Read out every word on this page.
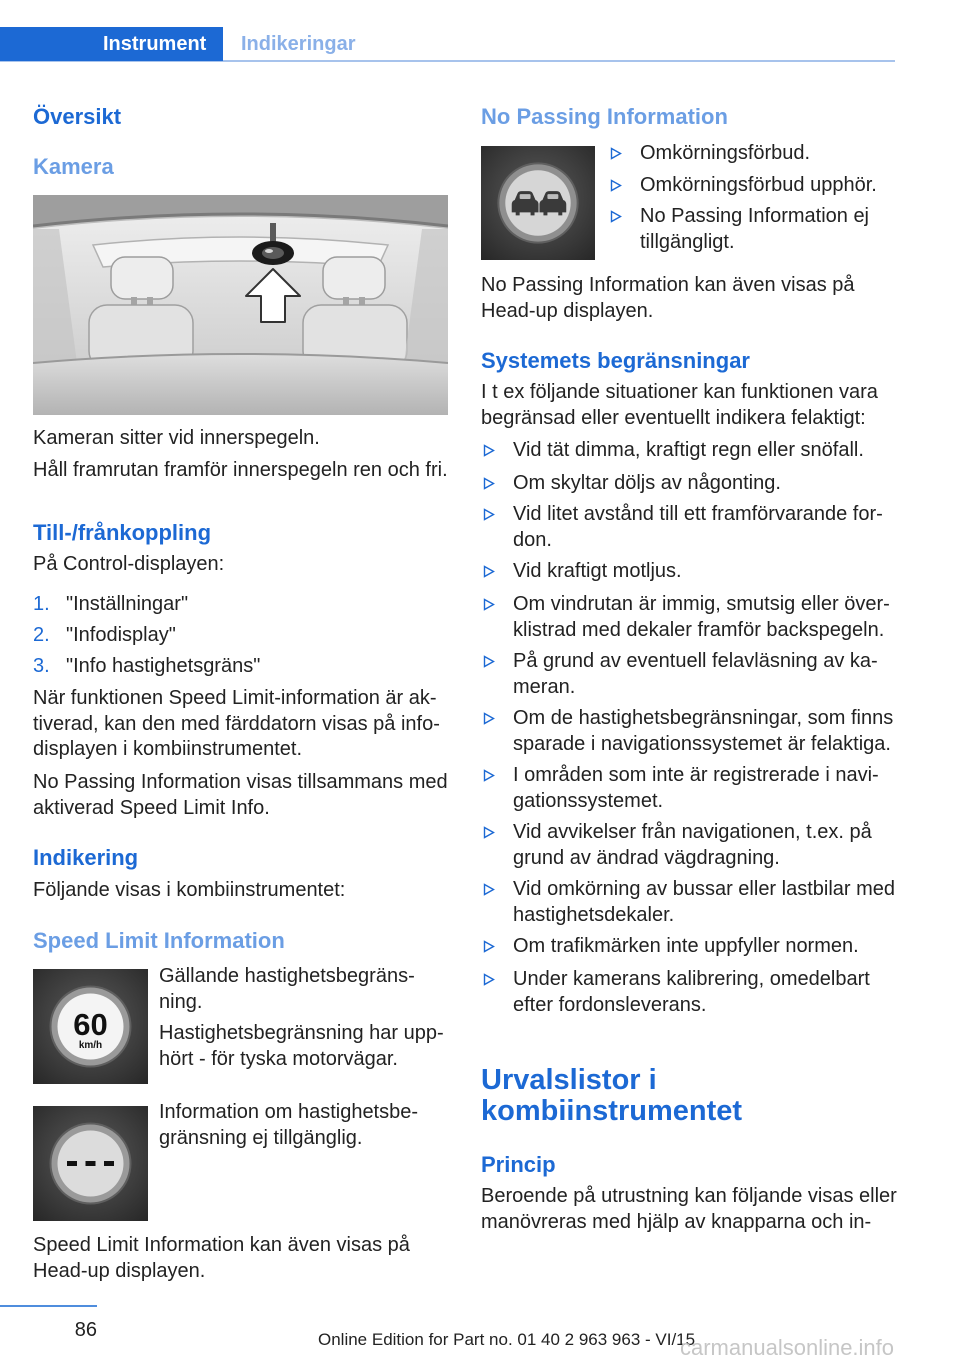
Instrument Indikeringar
Översikt
Kamera
Kameran sitter vid innerspegeln.
Håll framrutan framför innerspegeln ren och fri.
Till-/frånkoppling
På Control-displayen:
1. "Inställningar"
2. "Infodisplay"
3. "Info hastighetsgräns"
När funktionen Speed Limit-information är ak-
tiverad, kan den med färddatorn visas på info-
displayen i kombiinstrumentet.
No Passing Information visas tillsammans med
aktiverad Speed Limit Info.
Indikering
Följande visas i kombiinstrumentet:
Speed Limit Information
60
km/h
Gällande hastighetsbegräns-
ning.
Hastighetsbegränsning har upp-
hört - för tyska motorvägar.
Information om hastighetsbe-
gränsning ej tillgänglig.
Speed Limit Information kan även visas på
Head-up displayen.
No Passing Information
Omkörningsförbud.
Omkörningsförbud upphör.
No Passing Information ej
tillgängligt.
No Passing Information kan även visas på
Head-up displayen.
Systemets begränsningar
I t ex följande situationer kan funktionen vara
begränsad eller eventuellt indikera felaktigt:
Vid tät dimma, kraftigt regn eller snöfall.
Om skyltar döljs av någonting.
Vid litet avstånd till ett framförvarande for-
don.
Vid kraftigt motljus.
Om vindrutan är immig, smutsig eller över-
klistrad med dekaler framför backspegeln.
På grund av eventuell felavläsning av ka-
meran.
Om de hastighetsbegränsningar, som finns
sparade i navigationssystemet är felaktiga.
I områden som inte är registrerade i navi-
gationssystemet.
Vid avvikelser från navigationen, t.ex. på
grund av ändrad vägdragning.
Vid omkörning av bussar eller lastbilar med
hastighetsdekaler.
Om trafikmärken inte uppfyller normen.
Under kamerans kalibrering, omedelbart
efter fordonsleverans.
Urvalslistor i
kombiinstrumentet
Princip
Beroende på utrustning kan följande visas eller
manövreras med hjälp av knapparna och in-
86	Online Edition for Part no. 01 40 2 963 963 - VI/15
carmanualsonline.info
